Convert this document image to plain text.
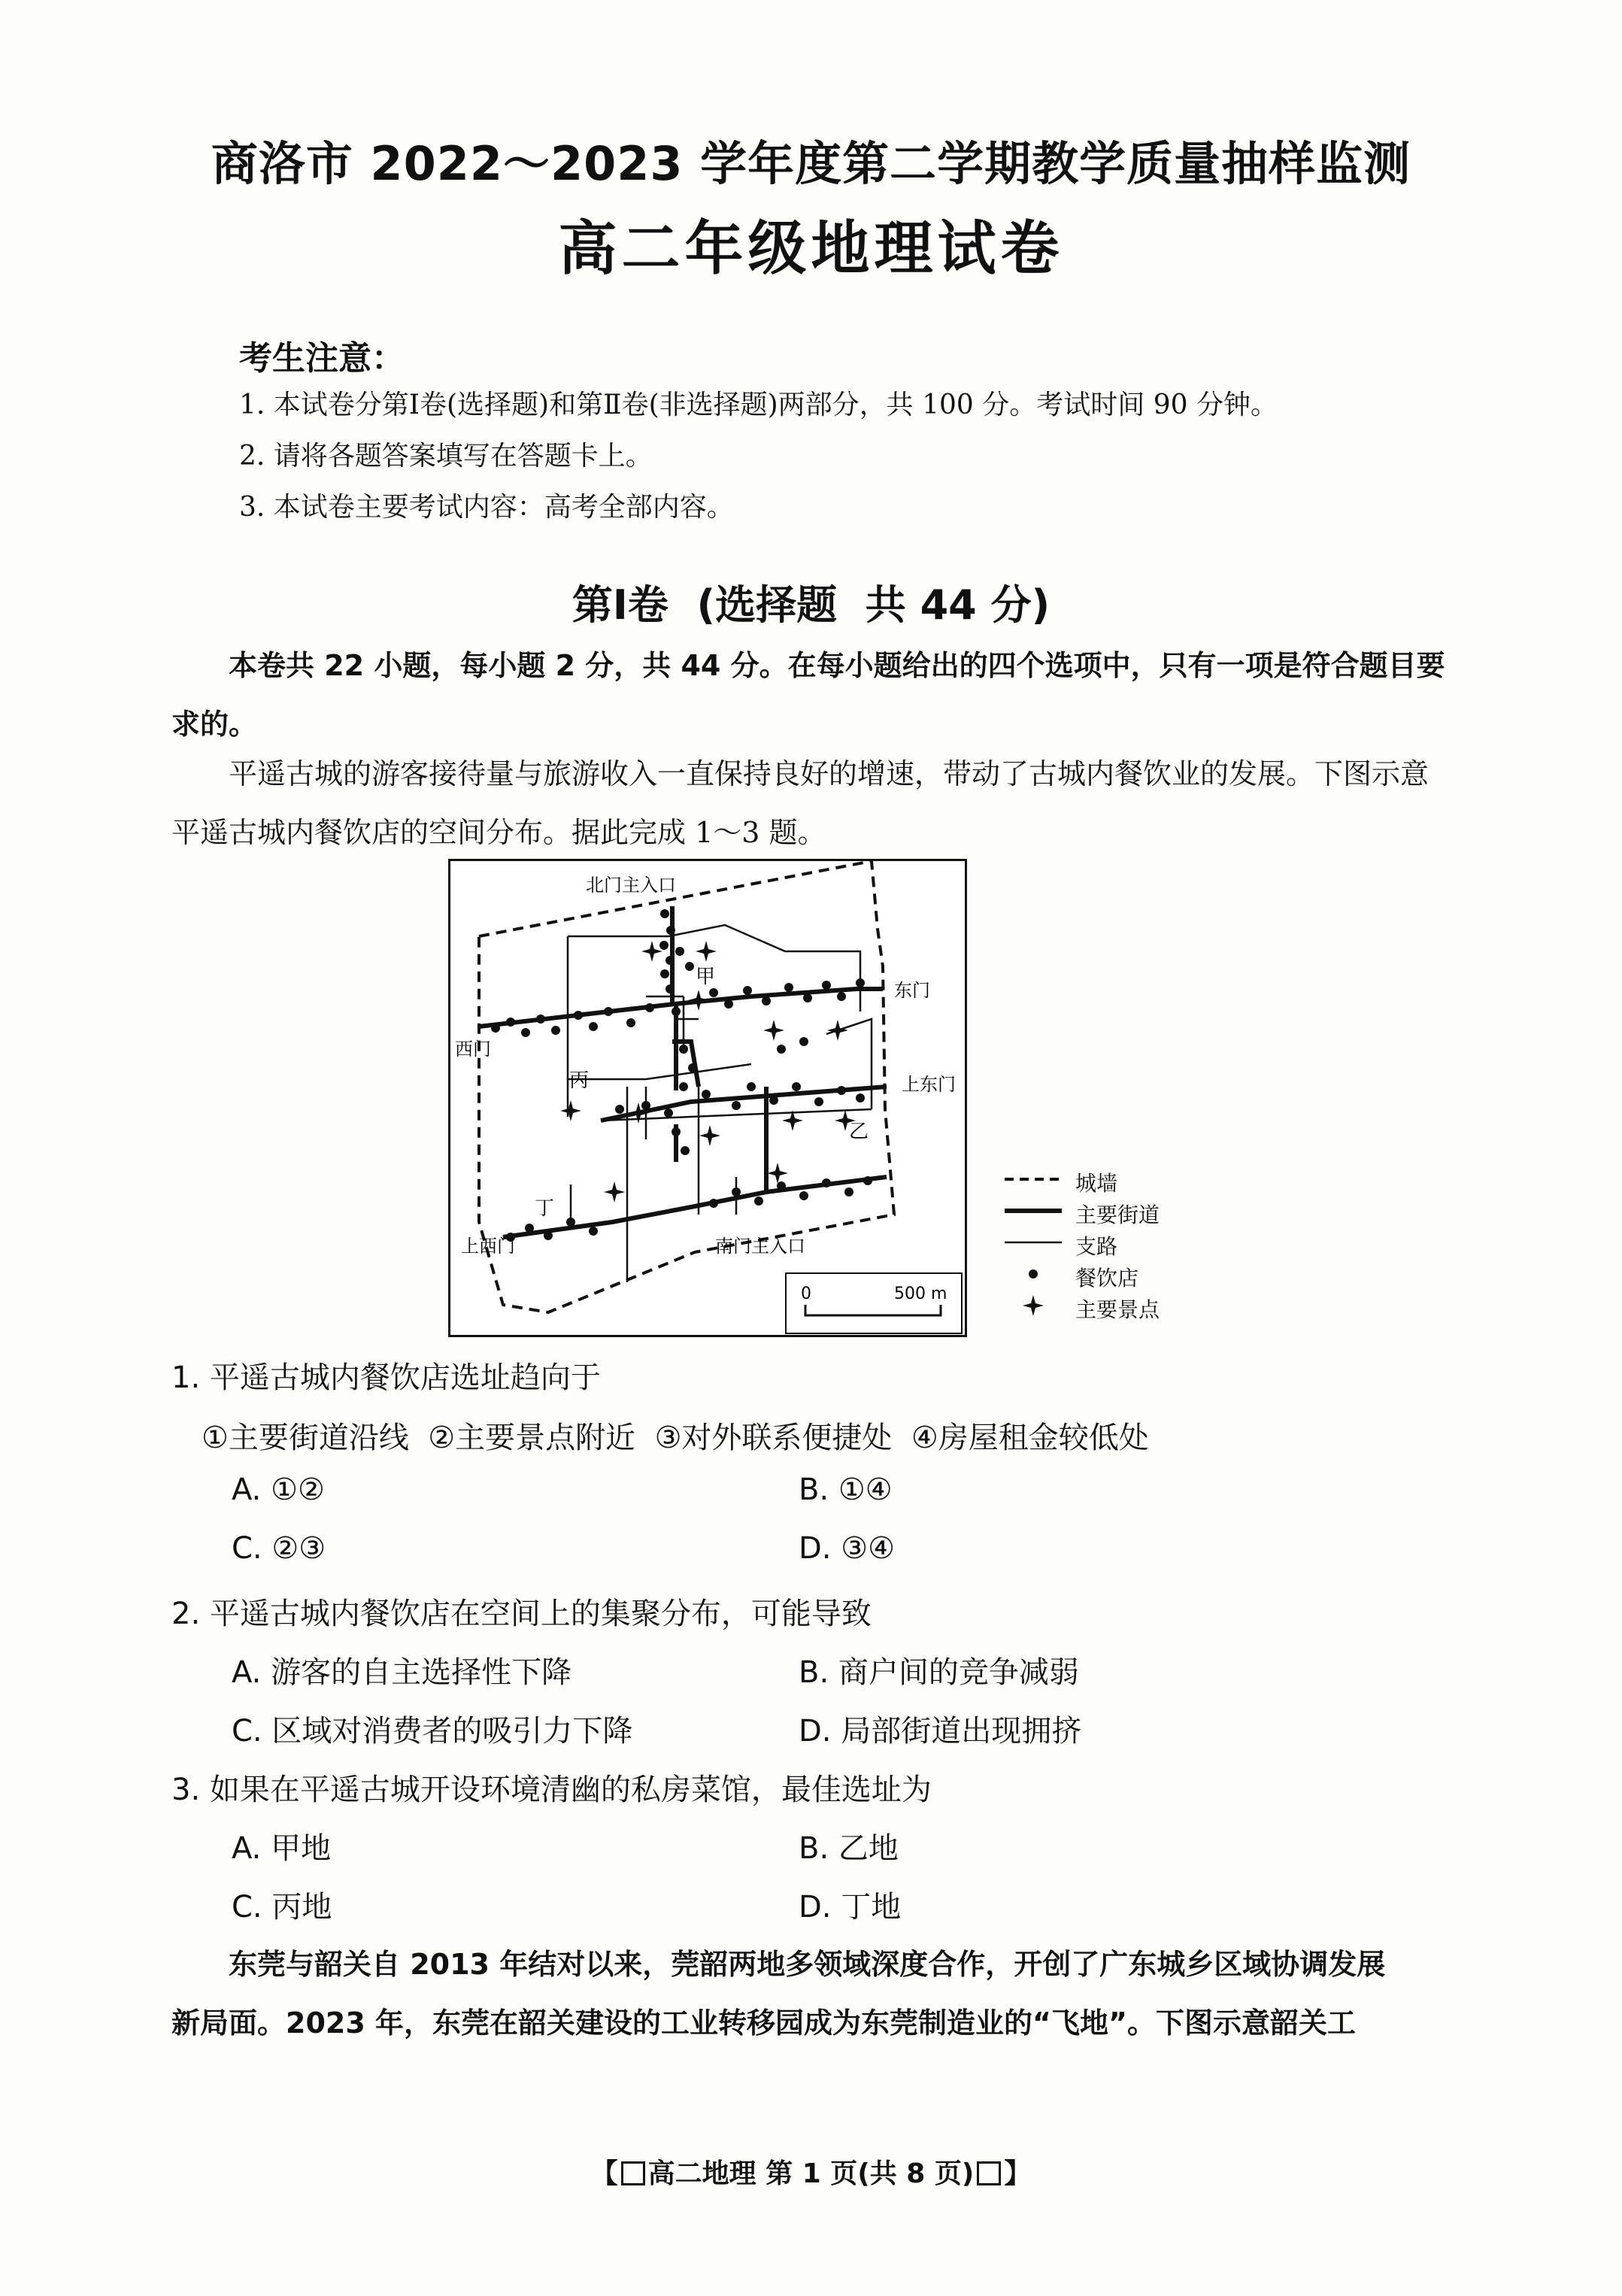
商洛市 2022～2023 学年度第二学期教学质量抽样监测
高二年级地理试卷
考生注意：
1. 本试卷分第Ⅰ卷(选择题)和第Ⅱ卷(非选择题)两部分，共 100 分。考试时间 90 分钟。
2. 请将各题答案填写在答题卡上。
3. 本试卷主要考试内容：高考全部内容。
第Ⅰ卷  (选择题  共 44 分)
本卷共 22 小题，每小题 2 分，共 44 分。在每小题给出的四个选项中，只有一项是符合题目要求的。
平遥古城的游客接待量与旅游收入一直保持良好的增速，带动了古城内餐饮业的发展。下图示意平遥古城内餐饮店的空间分布。据此完成 1～3 题。
北门主入口
东门
西门
上东门
上西门	南门主入口
甲
乙
丙
丁
0	500 m
城墙
主要街道
支路
餐饮店
主要景点
1. 平遥古城内餐饮店选址趋向于
①主要街道沿线  ②主要景点附近  ③对外联系便捷处  ④房屋租金较低处
A. ①②	B. ①④
C. ②③	D. ③④
2. 平遥古城内餐饮店在空间上的集聚分布，可能导致
A. 游客的自主选择性下降	B. 商户间的竞争减弱
C. 区域对消费者的吸引力下降	D. 局部街道出现拥挤
3. 如果在平遥古城开设环境清幽的私房菜馆，最佳选址为
A. 甲地	B. 乙地
C. 丙地	D. 丁地
东莞与韶关自 2013 年结对以来，莞韶两地多领域深度合作，开创了广东城乡区域协调发展
新局面。2023 年，东莞在韶关建设的工业转移园成为东莞制造业的“飞地”。下图示意韶关工
【 高二地理 第 1 页(共 8 页) 】
